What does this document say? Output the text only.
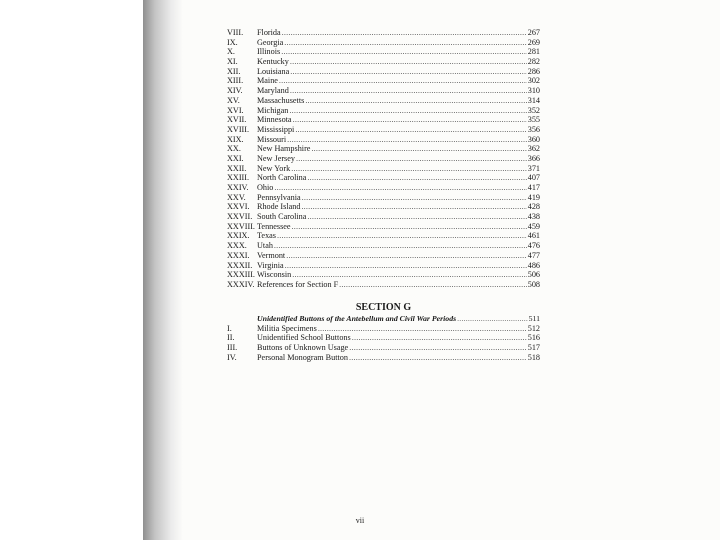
VIII.	Florida .....	267
IX.	Georgia .....	269
X.	Illinois .....	281
XI.	Kentucky .....	282
XII.	Louisiana .....	286
XIII.	Maine .....	302
XIV.	Maryland .....	310
XV.	Massachusetts .....	314
XVI.	Michigan .....	352
XVII.	Minnesota .....	355
XVIII. Mississippi .....	356
XIX.	Missouri .....	360
XX.	New Hampshire .....	362
XXI.	New Jersey .....	366
XXII.	New York .....	371
XXIII. North Carolina .....	407
XXIV.	Ohio .....	417
XXV.	Pennsylvania .....	419
XXVI. Rhode Island .....	428
XXVII. South Carolina .....	438
XXVIII. Tennessee .....	459
XXIX. Texas .....	461
XXX.	Utah .....	476
XXXI. Vermont .....	477
XXXII. Virginia .....	486
XXXIII. Wisconsin .....	506
XXXIV. References for Section F .....	508
SECTION G
Unidentified Buttons of the Antebellum and Civil War Periods .....	511
I.	Militia Specimens .....	512
II.	Unidentified School Buttons .....	516
III.	Buttons of Unknown Usage .....	517
IV.	Personal Monogram Button .....	518
vii
